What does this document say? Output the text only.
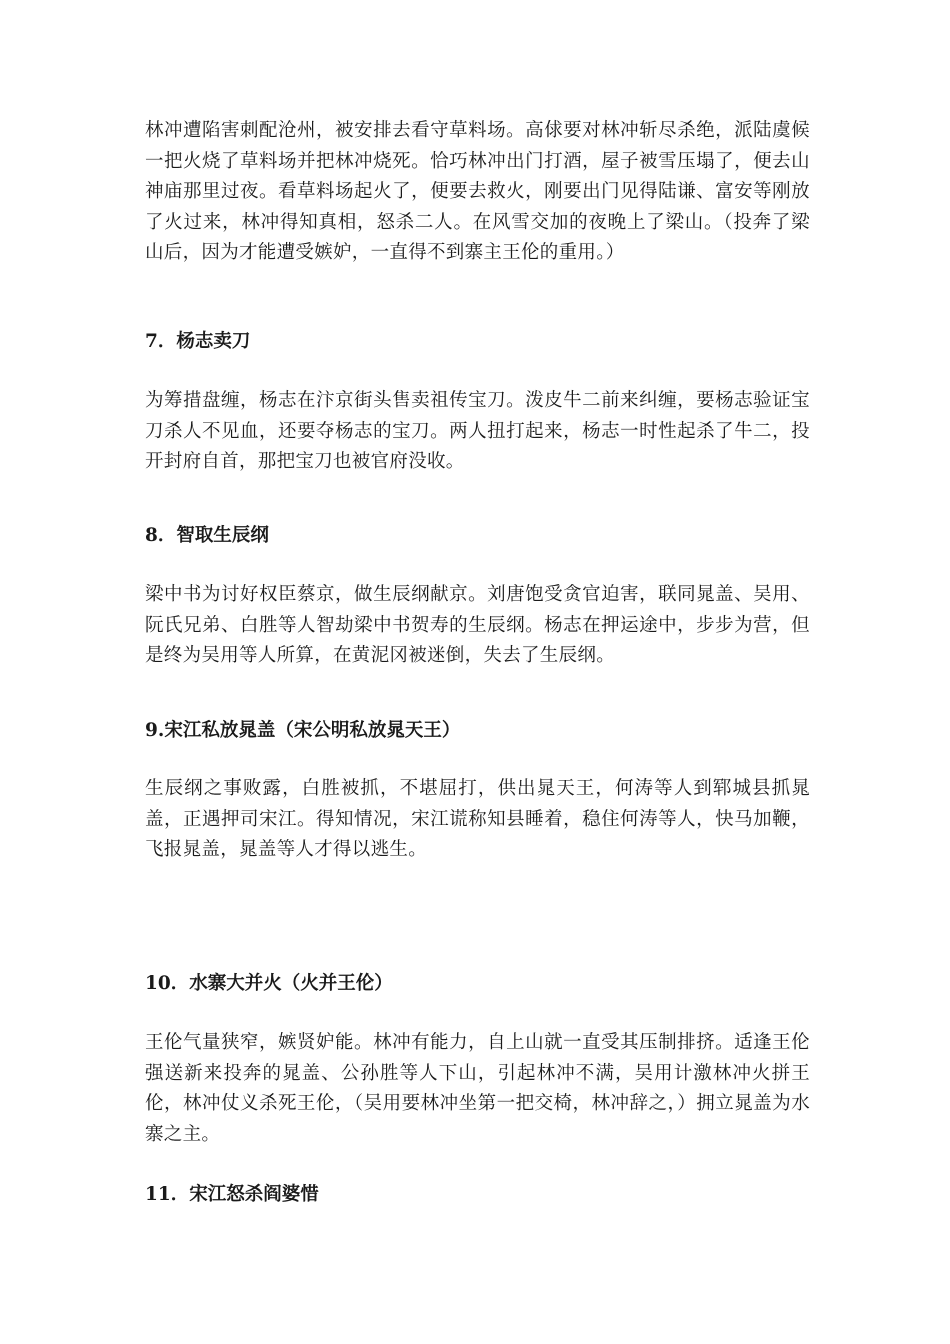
林冲遭陷害刺配沧州，被安排去看守草料场。高俅要对林冲斩尽杀绝，派陆虞候一把火烧了草料场并把林冲烧死。恰巧林冲出门打酒，屋子被雪压塌了，便去山神庙那里过夜。看草料场起火了，便要去救火，刚要出门见得陆谦、富安等刚放了火过来，林冲得知真相，怒杀二人。在风雪交加的夜晚上了梁山。（投奔了梁山后，因为才能遭受嫉妒，一直得不到寨主王伦的重用。）

7．杨志卖刀

为筹措盘缠，杨志在汴京街头售卖祖传宝刀。泼皮牛二前来纠缠，要杨志验证宝刀杀人不见血，还要夺杨志的宝刀。两人扭打起来，杨志一时性起杀了牛二，投开封府自首，那把宝刀也被官府没收。

8．智取生辰纲

梁中书为讨好权臣蔡京，做生辰纲献京。刘唐饱受贪官迫害，联同晁盖、吴用、阮氏兄弟、白胜等人智劫梁中书贺寿的生辰纲。杨志在押运途中，步步为营，但是终为吴用等人所算，在黄泥冈被迷倒，失去了生辰纲。

9.宋江私放晁盖（宋公明私放晁天王）

生辰纲之事败露，白胜被抓，不堪屈打，供出晁天王，何涛等人到郓城县抓晁盖，正遇押司宋江。得知情况，宋江谎称知县睡着，稳住何涛等人，快马加鞭，飞报晁盖，晁盖等人才得以逃生。

10．水寨大并火（火并王伦）

王伦气量狭窄，嫉贤妒能。林冲有能力，自上山就一直受其压制排挤。适逢王伦强送新来投奔的晁盖、公孙胜等人下山，引起林冲不满，吴用计激林冲火拼王伦，林冲仗义杀死王伦，（吴用要林冲坐第一把交椅，林冲辞之，）拥立晁盖为水寨之主。

11．宋江怒杀阎婆惜
